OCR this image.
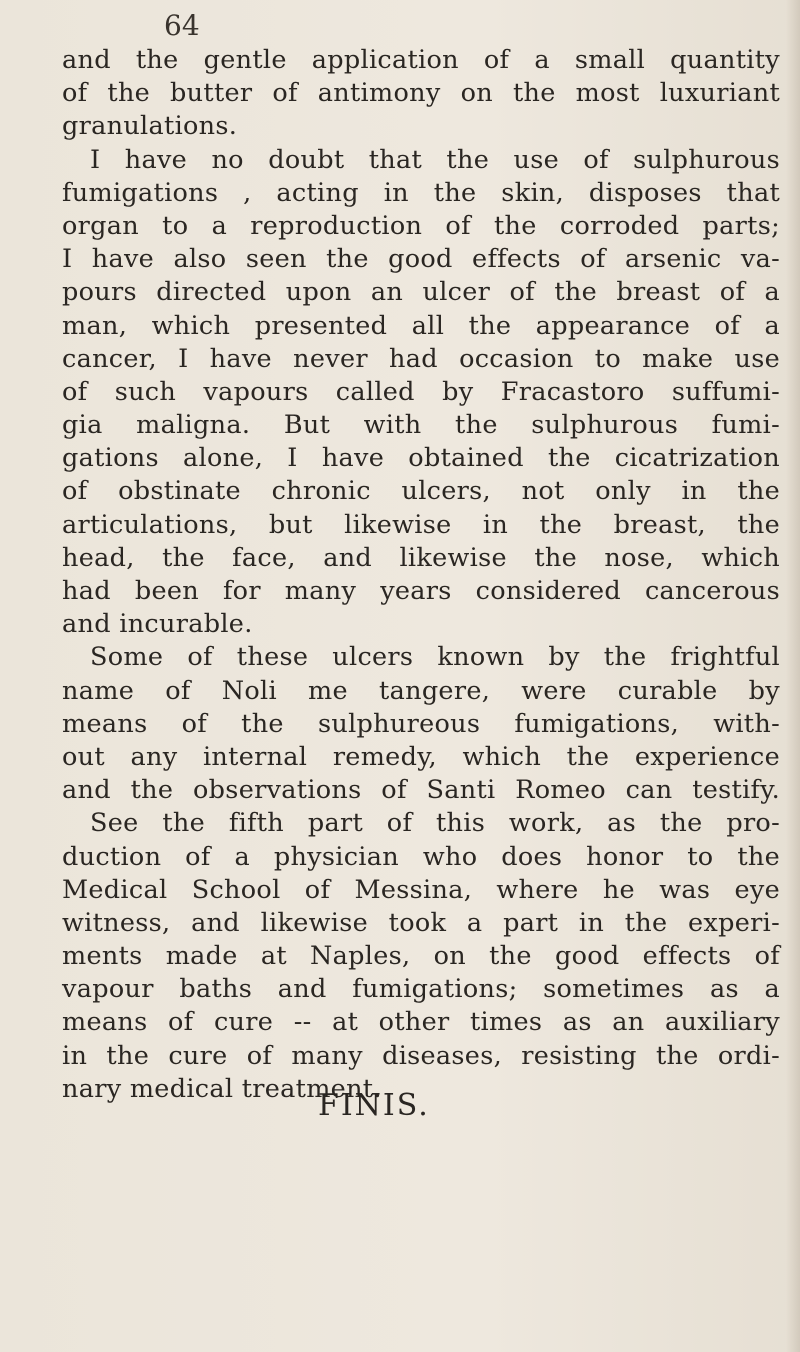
64
and the gentle application of a small quantity
of the butter of antimony on the most luxuriant
granulations.
I have no doubt that the use of sulphurous
fumigations , acting in the skin, disposes that
organ to a reproduction of the corroded parts;
I have also seen the good effects of arsenic va-
pours directed upon an ulcer of the breast of a
man, which presented all the appearance of a
cancer, I have never had occasion to make use
of such vapours called by Fracastoro suffumi-
gia maligna. But with the sulphurous fumi-
gations alone, I have obtained the cicatrization
of obstinate chronic ulcers, not only in the
articulations, but likewise in the breast, the
head, the face, and likewise the nose, which
had been for many years considered cancerous
and incurable.
Some of these ulcers known by the frightful
name of Noli me tangere, were curable by
means of the sulphureous fumigations, with-
out any internal remedy, which the experience
and the observations of Santi Romeo can testify.
See the fifth part of this work, as the pro-
duction of a physician who does honor to the
Medical School of Messina, where he was eye
witness, and likewise took a part in the experi-
ments made at Naples, on the good effects of
vapour baths and fumigations; sometimes as a
means of cure -- at other times as an auxiliary
in the cure of many diseases, resisting the ordi-
nary medical treatment.
FINIS.
